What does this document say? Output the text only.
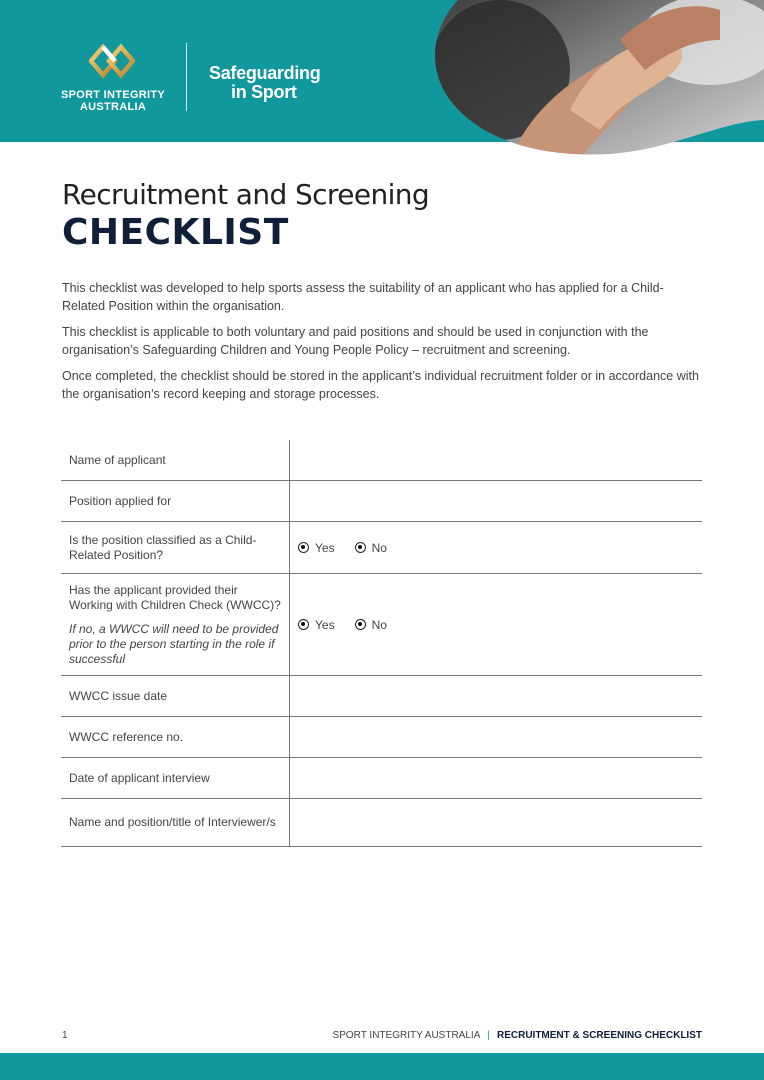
SPORT INTEGRITY
AUSTRALIA
Safeguarding
in Sport
Recruitment and Screening
CHECKLIST

This checklist was developed to help sports assess the suitability of an applicant who has applied for a Child-Related Position within the organisation.

This checklist is applicable to both voluntary and paid positions and should be used in conjunction with the organisation’s Safeguarding Children and Young People Policy – recruitment and screening.

Once completed, the checklist should be stored in the applicant’s individual recruitment folder or in accordance with the organisation’s record keeping and storage processes.

Name of applicant
Position applied for
Is the position classified as a Child-Related Position?	Yes	No
Has the applicant provided their Working with Children Check (WWCC)?
If no, a WWCC will need to be provided prior to the person starting in the role if successful
Yes	No
WWCC issue date
WWCC reference no.
Date of applicant interview
Name and position/title of Interviewer/s
1	SPORT INTEGRITY AUSTRALIA | RECRUITMENT & SCREENING CHECKLIST
